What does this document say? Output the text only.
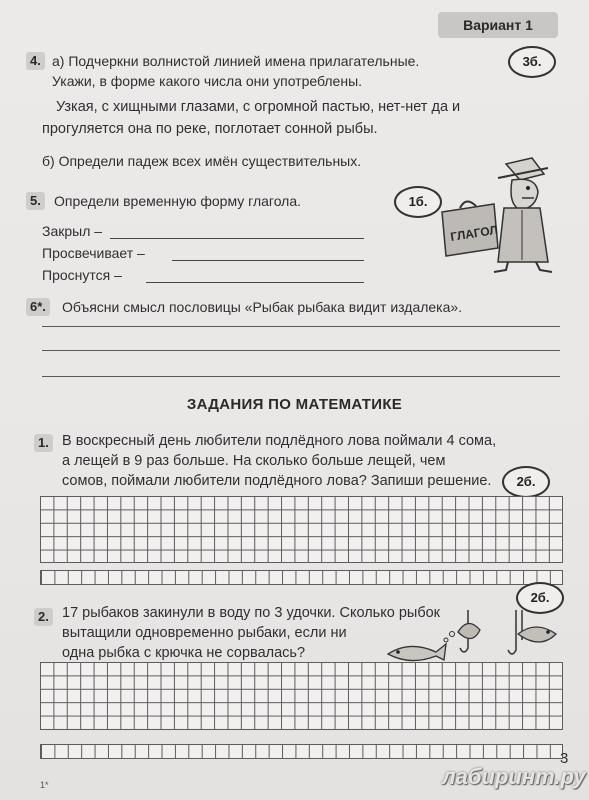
Вариант 1
4. а) Подчеркни волнистой линией имена прилагательные.
Укажи, в форме какого числа они употреблены.
3б.
Узкая, с хищными глазами, с огромной пастью, нет-нет да и
прогуляется она по реке, поглотает сонной рыбы.
б) Определи падеж всех имён существительных.
5. Определи временную форму глагола.	1б.
Закрыл –
Просвечивает –
Проснутся –
ГЛАГОЛ
6*. Объясни смысл пословицы «Рыбак рыбака видит издалека».
ЗАДАНИЯ ПО МАТЕМАТИКЕ
1. В воскресный день любители подлёдного лова поймали 4 сома,
а лещей в 9 раз больше. На сколько больше лещей, чем
сомов, поймали любители подлёдного лова? Запиши решение.	2б.
2. 17 рыбаков закинули в воду по 3 удочки. Сколько рыбок
вытащили одновременно рыбаки, если ни
одна рыбка с крючка не сорвалась?
2б.
3
1*	лабиринт.ру
